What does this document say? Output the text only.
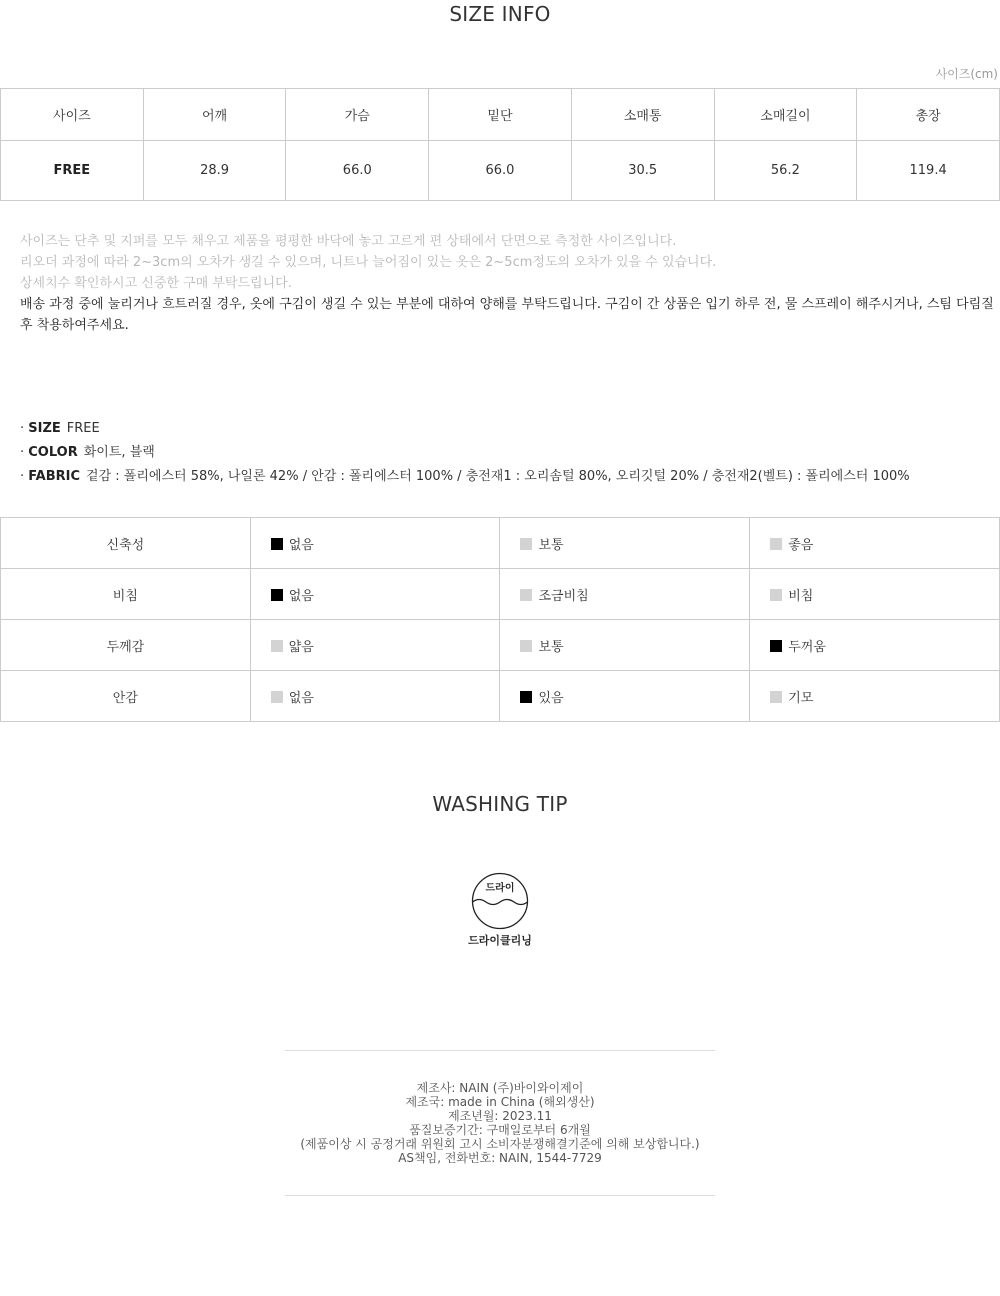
SIZE INFO
사이즈(cm)
사이즈	어깨	가슴	밑단	소매통	소매길이	총장
FREE	28.9	66.0	66.0	30.5	56.2	119.4
사이즈는 단추 및 지퍼를 모두 채우고 제품을 평평한 바닥에 놓고 고르게 편 상태에서 단면으로 측정한 사이즈입니다.
리오더 과정에 따라 2~3cm의 오차가 생길 수 있으며, 니트나 늘어짐이 있는 옷은 2~5cm정도의 오차가 있을 수 있습니다.
상세치수 확인하시고 신중한 구매 부탁드립니다.
배송 과정 중에 눌리거나 흐트러질 경우, 옷에 구김이 생길 수 있는 부분에 대하여 양해를 부탁드립니다. 구김이 간 상품은 입기 하루 전, 물 스프레이 해주시거나, 스팀 다림질 후 착용하여주세요.
· SIZE FREE
· COLOR 화이트, 블랙
· FABRIC 겉감 : 폴리에스터 58%, 나일론 42% / 안감 : 폴리에스터 100% / 충전재1 : 오리솜털 80%, 오리깃털 20% / 충전재2(벨트) : 폴리에스터 100%
신축성	없음	보통	좋음
비침	없음	조금비침	비침
두께감	얇음	보통	두꺼움
안감	없음	있음	기모
WASHING TIP
드라이
드라이클리닝
제조사: NAIN (주)바이와이제이
제조국: made in China (해외생산)
제조년월: 2023.11
품질보증기간: 구매일로부터 6개월
(제품이상 시 공정거래 위원회 고시 소비자분쟁해결기준에 의해 보상합니다.)
AS책임, 전화번호: NAIN, 1544-7729
